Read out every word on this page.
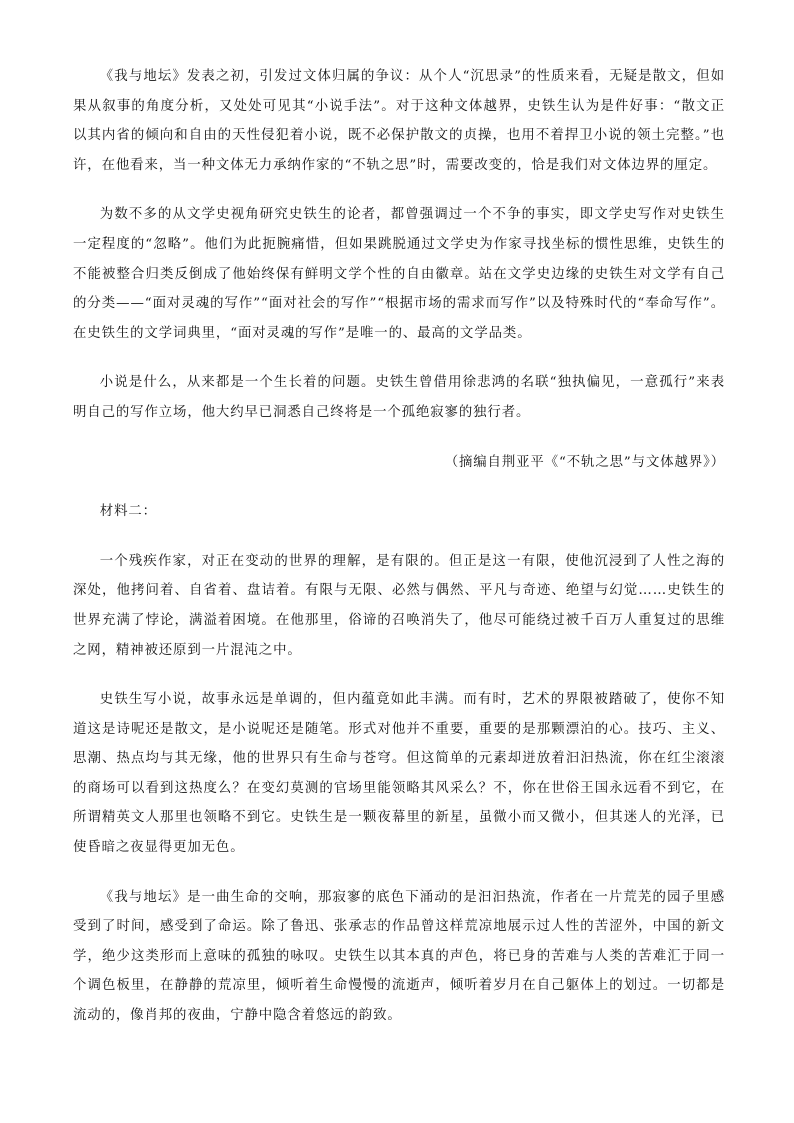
《我与地坛》发表之初，引发过文体归属的争议：从个人“沉思录”的性质来看，无疑是散文，但如果从叙事的角度分析，又处处可见其“小说手法”。对于这种文体越界，史铁生认为是件好事：“散文正以其内省的倾向和自由的天性侵犯着小说，既不必保护散文的贞操，也用不着捍卫小说的领土完整。”也许，在他看来，当一种文体无力承纳作家的“不轨之思”时，需要改变的，恰是我们对文体边界的厘定。

为数不多的从文学史视角研究史铁生的论者，都曾强调过一个不争的事实，即文学史写作对史铁生一定程度的“忽略”。他们为此扼腕痛惜，但如果跳脱通过文学史为作家寻找坐标的惯性思维，史铁生的不能被整合归类反倒成了他始终保有鲜明文学个性的自由徽章。站在文学史边缘的史铁生对文学有自己的分类——“面对灵魂的写作”“面对社会的写作”“根据市场的需求而写作”以及特殊时代的“奉命写作”。在史铁生的文学词典里，“面对灵魂的写作”是唯一的、最高的文学品类。

小说是什么，从来都是一个生长着的问题。史铁生曾借用徐悲鸿的名联“独执偏见，一意孤行”来表明自己的写作立场，他大约早已洞悉自己终将是一个孤绝寂寥的独行者。

（摘编自荆亚平《“不轨之思”与文体越界》）

材料二：

一个残疾作家，对正在变动的世界的理解，是有限的。但正是这一有限，使他沉浸到了人性之海的深处，他拷问着、自省着、盘诘着。有限与无限、必然与偶然、平凡与奇迹、绝望与幻觉……史铁生的世界充满了悖论，满溢着困境。在他那里，俗谛的召唤消失了，他尽可能绕过被千百万人重复过的思维之网，精神被还原到一片混沌之中。

史铁生写小说，故事永远是单调的，但内蕴竟如此丰满。而有时，艺术的界限被踏破了，使你不知道这是诗呢还是散文，是小说呢还是随笔。形式对他并不重要，重要的是那颗漂泊的心。技巧、主义、思潮、热点均与其无缘，他的世界只有生命与苍穹。但这简单的元素却迸放着汩汩热流，你在红尘滚滚的商场可以看到这热度么？在变幻莫测的官场里能领略其风采么？不，你在世俗王国永远看不到它，在所谓精英文人那里也领略不到它。史铁生是一颗夜幕里的新星，虽微小而又微小，但其迷人的光泽，已使昏暗之夜显得更加无色。

《我与地坛》是一曲生命的交响，那寂寥的底色下涌动的是汩汩热流，作者在一片荒芜的园子里感受到了时间，感受到了命运。除了鲁迅、张承志的作品曾这样荒凉地展示过人性的苦涩外，中国的新文学，绝少这类形而上意味的孤独的咏叹。史铁生以其本真的声色，将已身的苦难与人类的苦难汇于同一个调色板里，在静静的荒凉里，倾听着生命慢慢的流逝声，倾听着岁月在自己躯体上的划过。一切都是流动的，像肖邦的夜曲，宁静中隐含着悠远的韵致。
